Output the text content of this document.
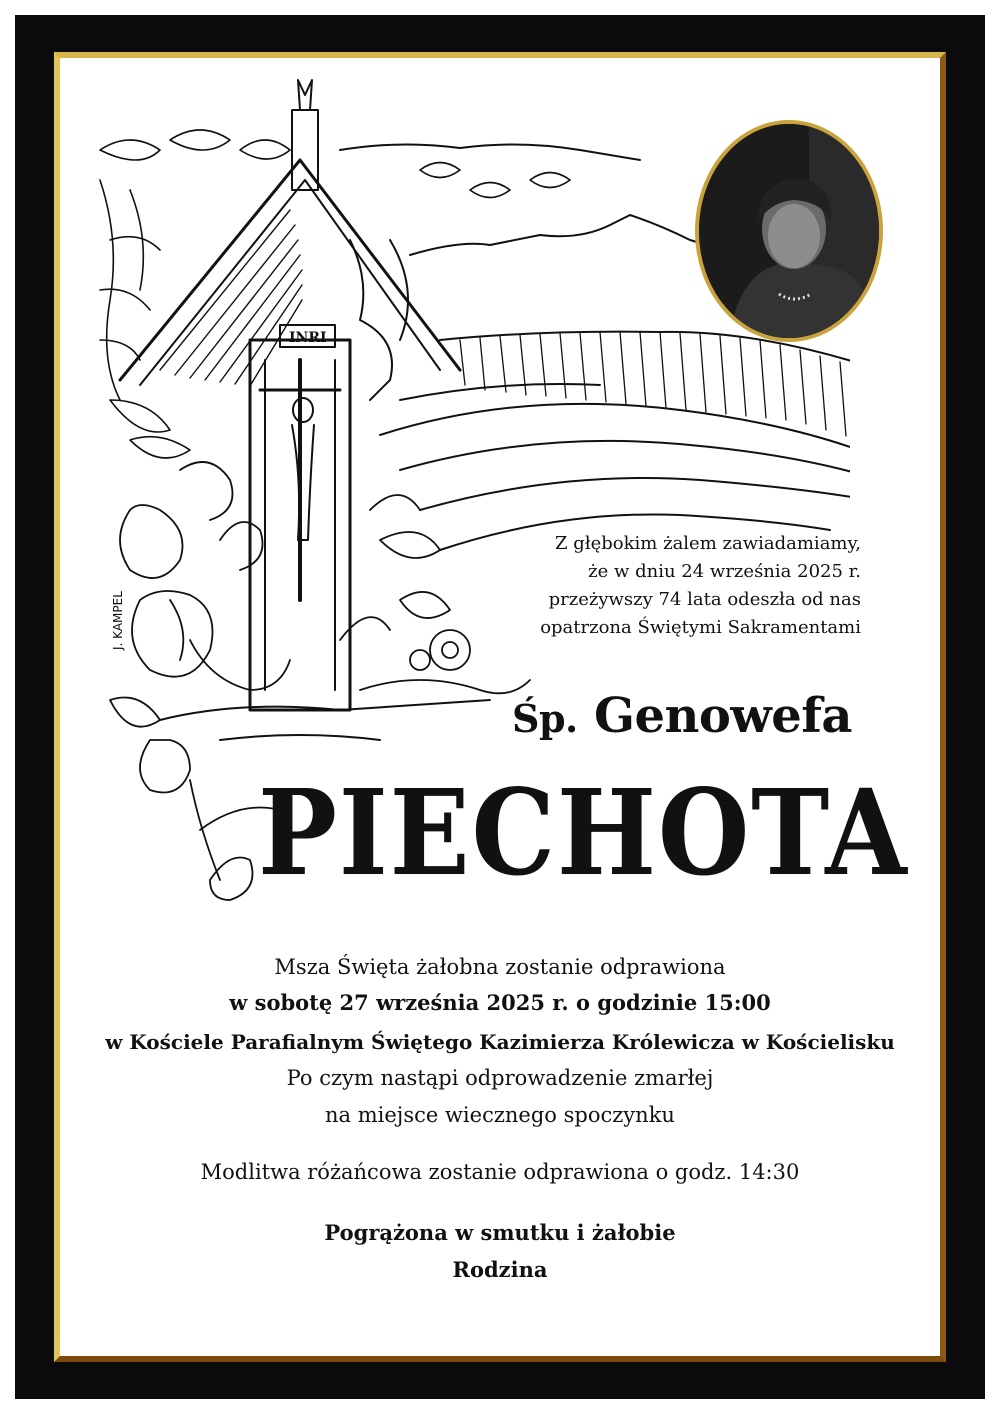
INRI
J. KAMPEL
Z głębokim żalem zawiadamiamy,
że w dniu 24 września 2025 r.
przeżywszy 74 lata odeszła od nas
opatrzona Świętymi Sakramentami
Śp. Genowefa
PIECHOTA
Msza Święta żałobna zostanie odprawiona
w sobotę 27 września 2025 r. o godzinie 15:00
w Kościele Parafialnym Świętego Kazimierza Królewicza w Kościelisku
Po czym nastąpi odprowadzenie zmarłej
na miejsce wiecznego spoczynku
Modlitwa różańcowa zostanie odprawiona o godz. 14:30
Pogrążona w smutku i żałobie
Rodzina
